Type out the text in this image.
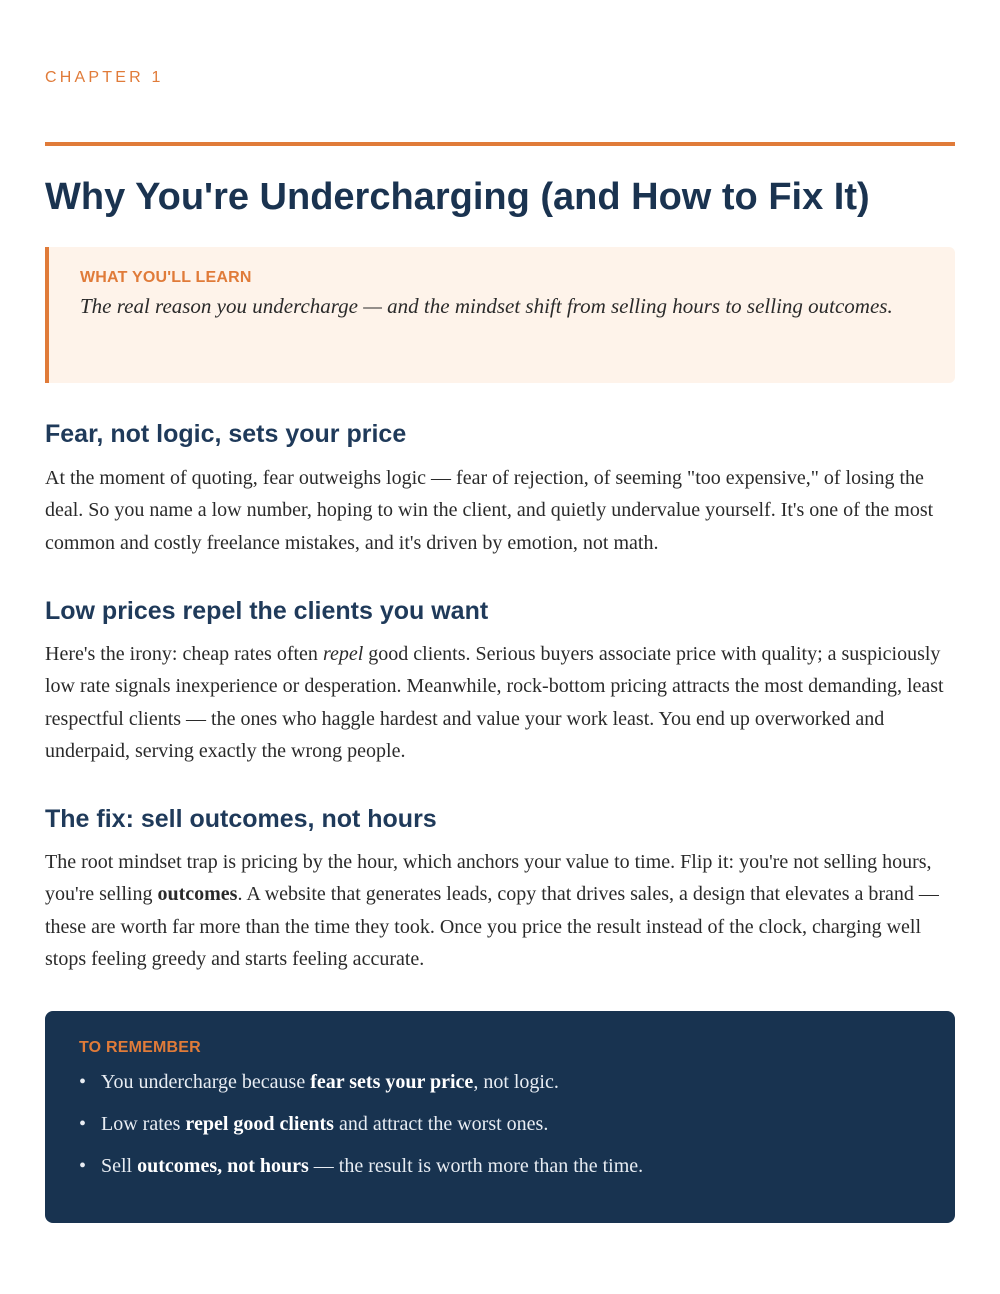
CHAPTER 1
Why You're Undercharging (and How to Fix It)
WHAT YOU'LL LEARN
The real reason you undercharge — and the mindset shift from selling hours to selling outcomes.
Fear, not logic, sets your price

At the moment of quoting, fear outweighs logic — fear of rejection, of seeming "too expensive," of losing the deal. So you name a low number, hoping to win the client, and quietly undervalue yourself. It's one of the most common and costly freelance mistakes, and it's driven by emotion, not math.

Low prices repel the clients you want

Here's the irony: cheap rates often repel good clients. Serious buyers associate price with quality; a suspiciously low rate signals inexperience or desperation. Meanwhile, rock-bottom pricing attracts the most demanding, least respectful clients — the ones who haggle hardest and value your work least. You end up overworked and underpaid, serving exactly the wrong people.

The fix: sell outcomes, not hours

The root mindset trap is pricing by the hour, which anchors your value to time. Flip it: you're not selling hours, you're selling outcomes. A website that generates leads, copy that drives sales, a design that elevates a brand — these are worth far more than the time they took. Once you price the result instead of the clock, charging well stops feeling greedy and starts feeling accurate.

TO REMEMBER
• You undercharge because fear sets your price, not logic.
• Low rates repel good clients and attract the worst ones.
• Sell outcomes, not hours — the result is worth more than the time.
